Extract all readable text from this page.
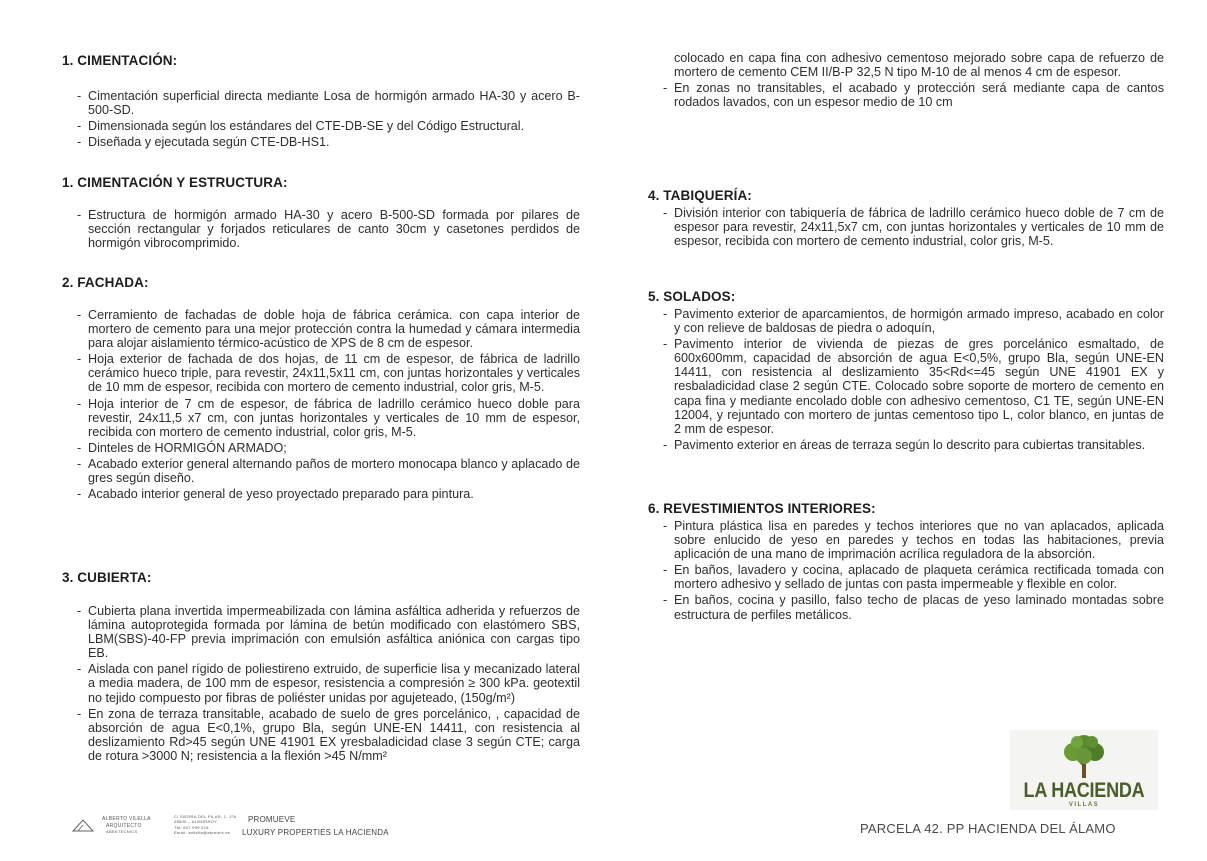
1. CIMENTACIÓN:
- Cimentación superficial directa mediante Losa de hormigón armado HA-30 y acero B-500-SD.
- Dimensionada según los estándares del CTE-DB-SE y del Código Estructural.
- Diseñada y ejecutada según CTE-DB-HS1.
1. CIMENTACIÓN Y ESTRUCTURA:
- Estructura de hormigón armado HA-30 y acero B-500-SD formada por pilares de sección rectangular y forjados reticulares de canto 30cm y casetones perdidos de hormigón vibrocomprimido.
2. FACHADA:
- Cerramiento de fachadas de doble hoja de fábrica cerámica. con capa interior de mortero de cemento para una mejor protección contra la humedad y cámara intermedia para alojar aislamiento térmico-acústico de XPS de 8 cm de espesor.
- Hoja exterior de fachada de dos hojas, de 11 cm de espesor, de fábrica de ladrillo cerámico hueco triple, para revestir, 24x11,5x11 cm, con juntas horizontales y verticales de 10 mm de espesor, recibida con mortero de cemento industrial, color gris, M-5.
- Hoja interior de 7 cm de espesor, de fábrica de ladrillo cerámico hueco doble para revestir, 24x11,5 x7 cm, con juntas horizontales y verticales de 10 mm de espesor, recibida con mortero de cemento industrial, color gris, M-5.
- Dinteles de HORMIGÓN ARMADO;
- Acabado exterior general alternando paños de mortero monocapa blanco y aplacado de gres según diseño.
- Acabado interior general de yeso proyectado preparado para pintura.
3. CUBIERTA:
- Cubierta plana invertida impermeabilizada con lámina asfáltica adherida y refuerzos de lámina autoprotegida formada por lámina de betún modificado con elastómero SBS, LBM(SBS)-40-FP previa imprimación con emulsión asfáltica aniónica con cargas tipo EB.
- Aislada con panel rígido de poliestireno extruido, de superficie lisa y mecanizado lateral a media madera, de 100 mm de espesor, resistencia a compresión ≥ 300 kPa. geotextil no tejido compuesto por fibras de poliéster unidas por agujeteado, (150g/m²)
- En zona de terraza transitable, acabado de suelo de gres porcelánico, , capacidad de absorción de agua E<0,1%, grupo Bla, según UNE-EN 14411, con resistencia al deslizamiento Rd>45 según UNE 41901 EX yresbaladicidad clase 3 según CTE; carga de rotura >3000 N; resistencia a la flexión >45 N/mm²
colocado en capa fina con adhesivo cementoso mejorado sobre capa de refuerzo de mortero de cemento CEM II/B-P 32,5 N tipo M-10 de al menos 4 cm de espesor.
- En zonas no transitables, el acabado y protección será mediante capa de cantos rodados lavados, con un espesor medio de 10 cm
4. TABIQUERÍA:
- División interior con tabiquería de fábrica de ladrillo cerámico hueco doble de 7 cm de espesor para revestir, 24x11,5x7 cm, con juntas horizontales y verticales de 10 mm de espesor, recibida con mortero de cemento industrial, color gris, M-5.
5. SOLADOS:
- Pavimento exterior de aparcamientos, de hormigón armado impreso, acabado en color y con relieve de baldosas de piedra o adoquín,
- Pavimento interior de vivienda de piezas de gres porcelánico esmaltado, de 600x600mm, capacidad de absorción de agua E<0,5%, grupo Bla, según UNE-EN 14411, con resistencia al deslizamiento 35<Rd<=45 según UNE 41901 EX y resbaladicidad clase 2 según CTE. Colocado sobre soporte de mortero de cemento en capa fina y mediante encolado doble con adhesivo cementoso, C1 TE, según UNE-EN 12004, y rejuntado con mortero de juntas cementoso tipo L, color blanco, en juntas de 2 mm de espesor.
- Pavimento exterior en áreas de terraza según lo descrito para cubiertas transitables.
6. REVESTIMIENTOS INTERIORES:
- Pintura plástica lisa en paredes y techos interiores que no van aplacados, aplicada sobre enlucido de yeso en paredes y techos en todas las habitaciones, previa aplicación de una mano de imprimación acrílica reguladora de la absorción.
- En baños, lavadero y cocina, aplacado de plaqueta cerámica rectificada tomada con mortero adhesivo y sellado de juntas con pasta impermeable y flexible en color.
- En baños, cocina y pasillo, falso techo de placas de yeso laminado montadas sobre estructura de perfiles metálicos.
ALBERTO VILELLA
ARQUITECTO
ABEETECNICS
C/ SIERRA DEL PILAR, 1, 1ºA
28600 – ALMORROY
TM: 607 099 018
Email: avilella@abreteis.es
PROMUEVE
LUXURY PROPERTIES LA HACIENDA
LA HACIENDA
VILLAS
PARCELA 42. PP HACIENDA DEL ÁLAMO
